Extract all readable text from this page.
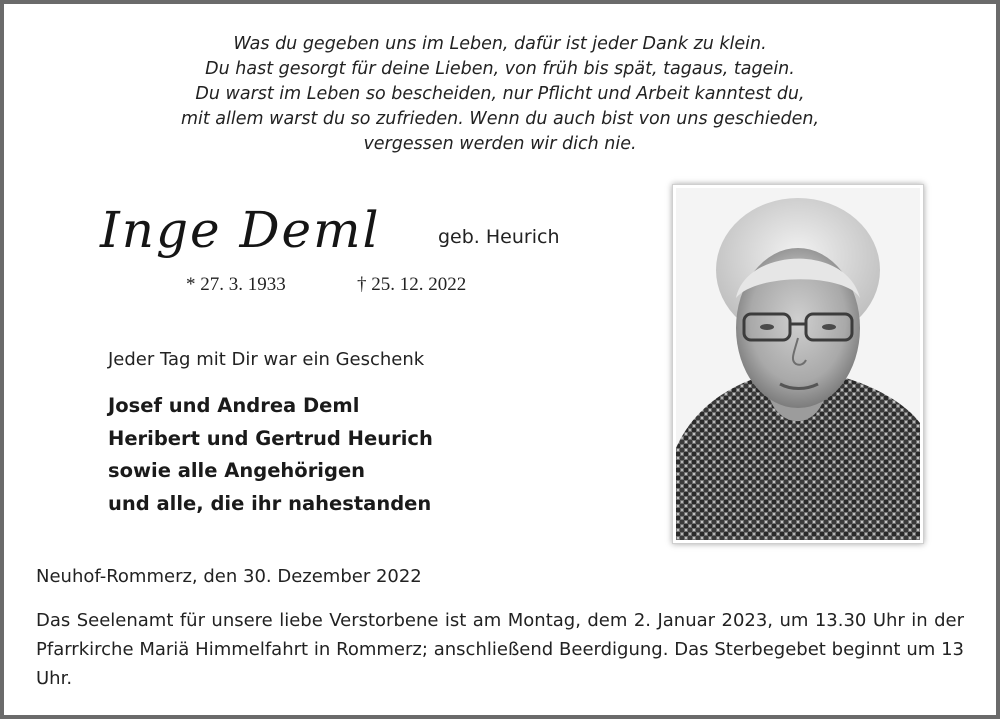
Was du gegeben uns im Leben, dafür ist jeder Dank zu klein.
Du hast gesorgt für deine Lieben, von früh bis spät, tagaus, tagein.
Du warst im Leben so bescheiden, nur Pflicht und Arbeit kanntest du,
mit allem warst du so zufrieden. Wenn du auch bist von uns geschieden,
vergessen werden wir dich nie.
Inge Deml	geb. Heurich
* 27. 3. 1933	† 25. 12. 2022
Jeder Tag mit Dir war ein Geschenk
Josef und Andrea Deml
Heribert und Gertrud Heurich
sowie alle Angehörigen
und alle, die ihr nahestanden
Neuhof-Rommerz, den 30. Dezember 2022
Das Seelenamt für unsere liebe Verstorbene ist am Montag, dem 2. Januar 2023, um 13.30 Uhr in der Pfarrkirche Mariä Himmelfahrt in Rommerz; anschließend Beerdigung. Das Sterbegebet beginnt um 13 Uhr.
